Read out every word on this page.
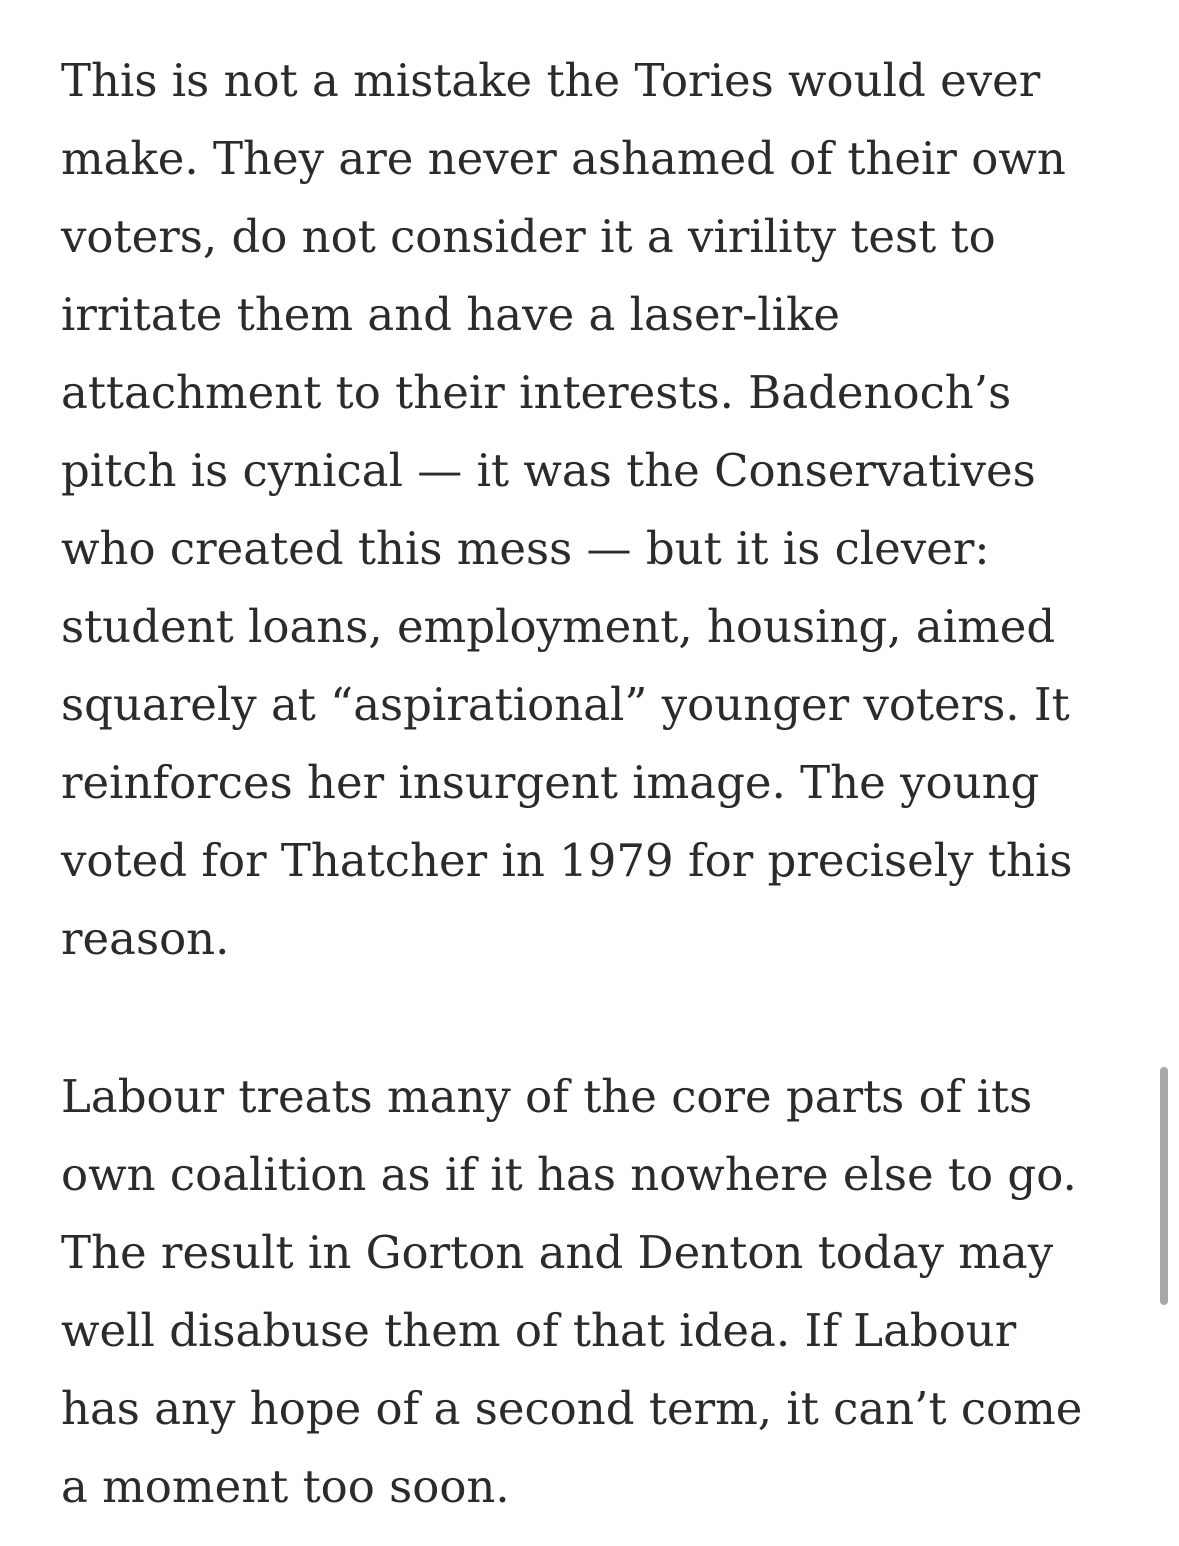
This is not a mistake the Tories would ever
make. They are never ashamed of their own
voters, do not consider it a virility test to
irritate them and have a laser-like
attachment to their interests. Badenoch’s
pitch is cynical — it was the Conservatives
who created this mess — but it is clever:
student loans, employment, housing, aimed
squarely at “aspirational” younger voters. It
reinforces her insurgent image. The young
voted for Thatcher in 1979 for precisely this
reason.

Labour treats many of the core parts of its
own coalition as if it has nowhere else to go.
The result in Gorton and Denton today may
well disabuse them of that idea. If Labour
has any hope of a second term, it can’t come
a moment too soon.
